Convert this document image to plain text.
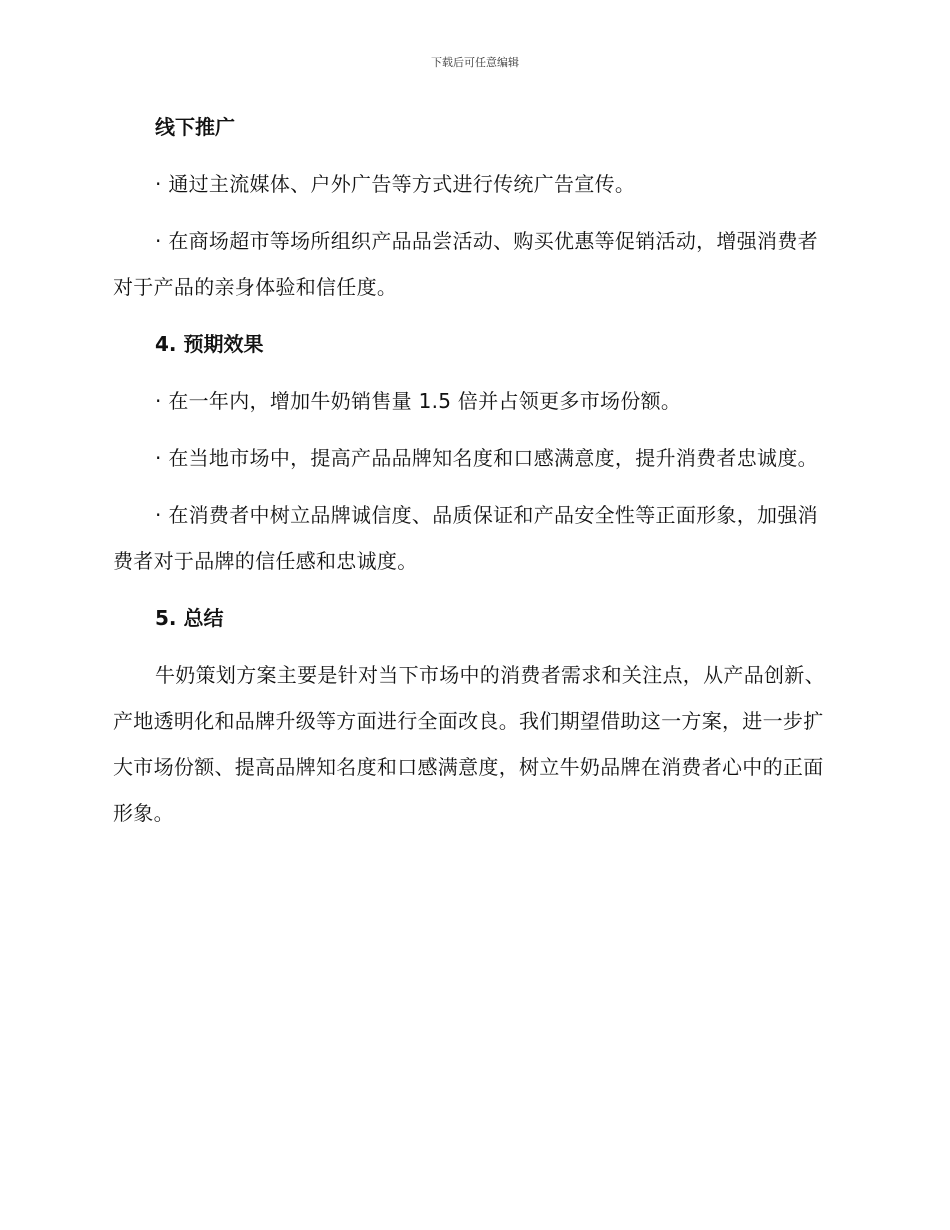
下载后可任意编辑
线下推广

· 通过主流媒体、户外广告等方式进行传统广告宣传。

· 在商场超市等场所组织产品品尝活动、购买优惠等促销活动，增强消费者对于产品的亲身体验和信任度。

4. 预期效果

· 在一年内，增加牛奶销售量 1.5 倍并占领更多市场份额。

· 在当地市场中，提高产品品牌知名度和口感满意度，提升消费者忠诚度。

· 在消费者中树立品牌诚信度、品质保证和产品安全性等正面形象，加强消费者对于品牌的信任感和忠诚度。

5. 总结

牛奶策划方案主要是针对当下市场中的消费者需求和关注点，从产品创新、产地透明化和品牌升级等方面进行全面改良。我们期望借助这一方案，进一步扩大市场份额、提高品牌知名度和口感满意度，树立牛奶品牌在消费者心中的正面形象。
